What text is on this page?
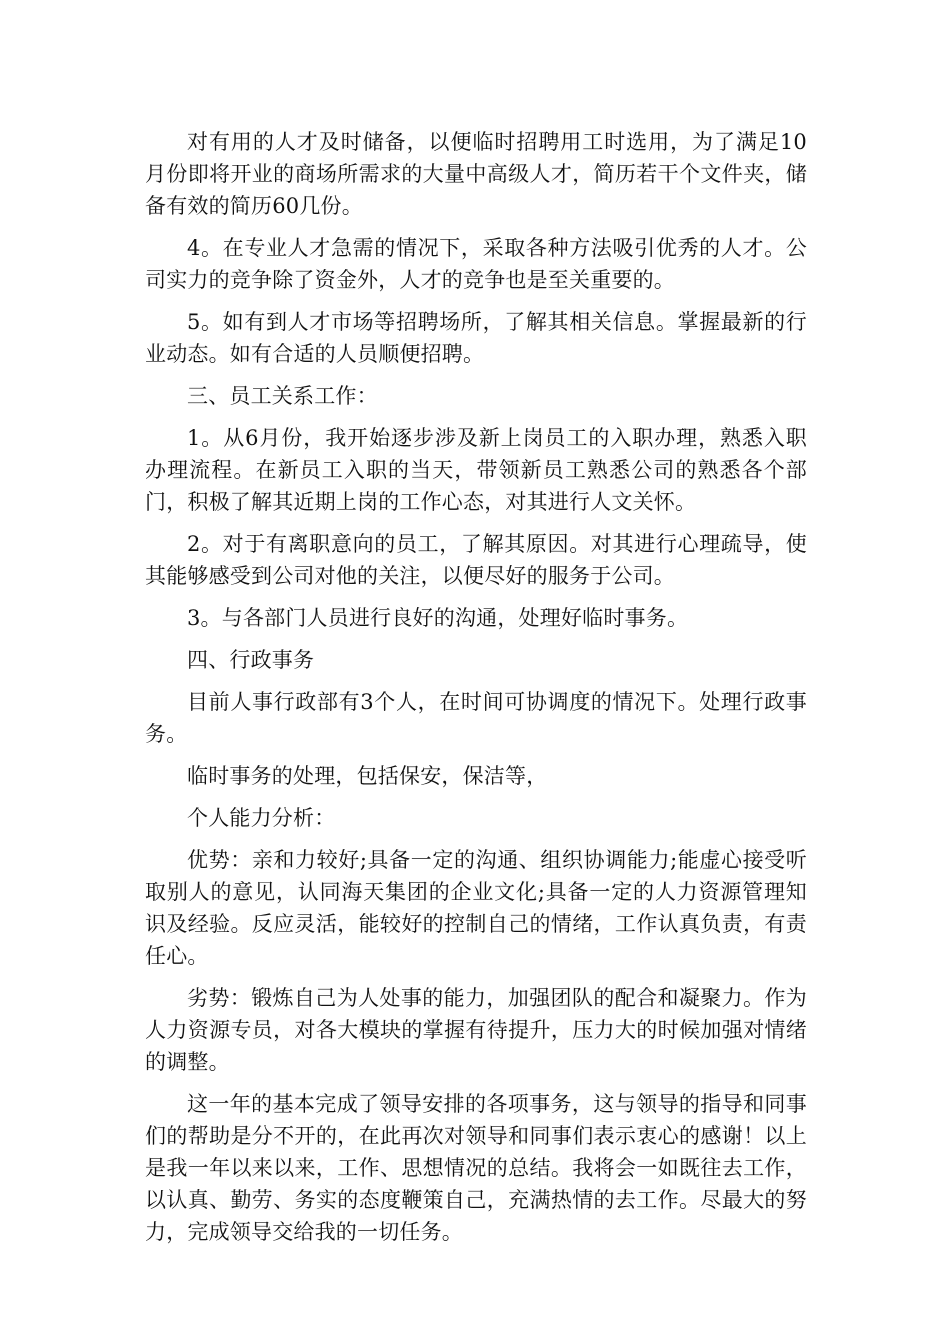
对有用的人才及时储备，以便临时招聘用工时选用，为了满足10月份即将开业的商场所需求的大量中高级人才，简历若干个文件夹，储备有效的简历60几份。

4。在专业人才急需的情况下，采取各种方法吸引优秀的人才。公司实力的竞争除了资金外，人才的竞争也是至关重要的。

5。如有到人才市场等招聘场所，了解其相关信息。掌握最新的行业动态。如有合适的人员顺便招聘。

三、员工关系工作：

1。从6月份，我开始逐步涉及新上岗员工的入职办理，熟悉入职办理流程。在新员工入职的当天，带领新员工熟悉公司的熟悉各个部门，积极了解其近期上岗的工作心态，对其进行人文关怀。

2。对于有离职意向的员工，了解其原因。对其进行心理疏导，使其能够感受到公司对他的关注，以便尽好的服务于公司。

3。与各部门人员进行良好的沟通，处理好临时事务。

四、行政事务

目前人事行政部有3个人，在时间可协调度的情况下。处理行政事务。

临时事务的处理，包括保安，保洁等，

个人能力分析：

优势：亲和力较好;具备一定的沟通、组织协调能力;能虚心接受听取别人的意见，认同海天集团的企业文化;具备一定的人力资源管理知识及经验。反应灵活，能较好的控制自己的情绪，工作认真负责，有责任心。

劣势：锻炼自己为人处事的能力，加强团队的配合和凝聚力。作为人力资源专员，对各大模块的掌握有待提升，压力大的时候加强对情绪的调整。

这一年的基本完成了领导安排的各项事务，这与领导的指导和同事们的帮助是分不开的，在此再次对领导和同事们表示衷心的感谢！以上是我一年以来以来，工作、思想情况的总结。我将会一如既往去工作，以认真、勤劳、务实的态度鞭策自己，充满热情的去工作。尽最大的努力，完成领导交给我的一切任务。
